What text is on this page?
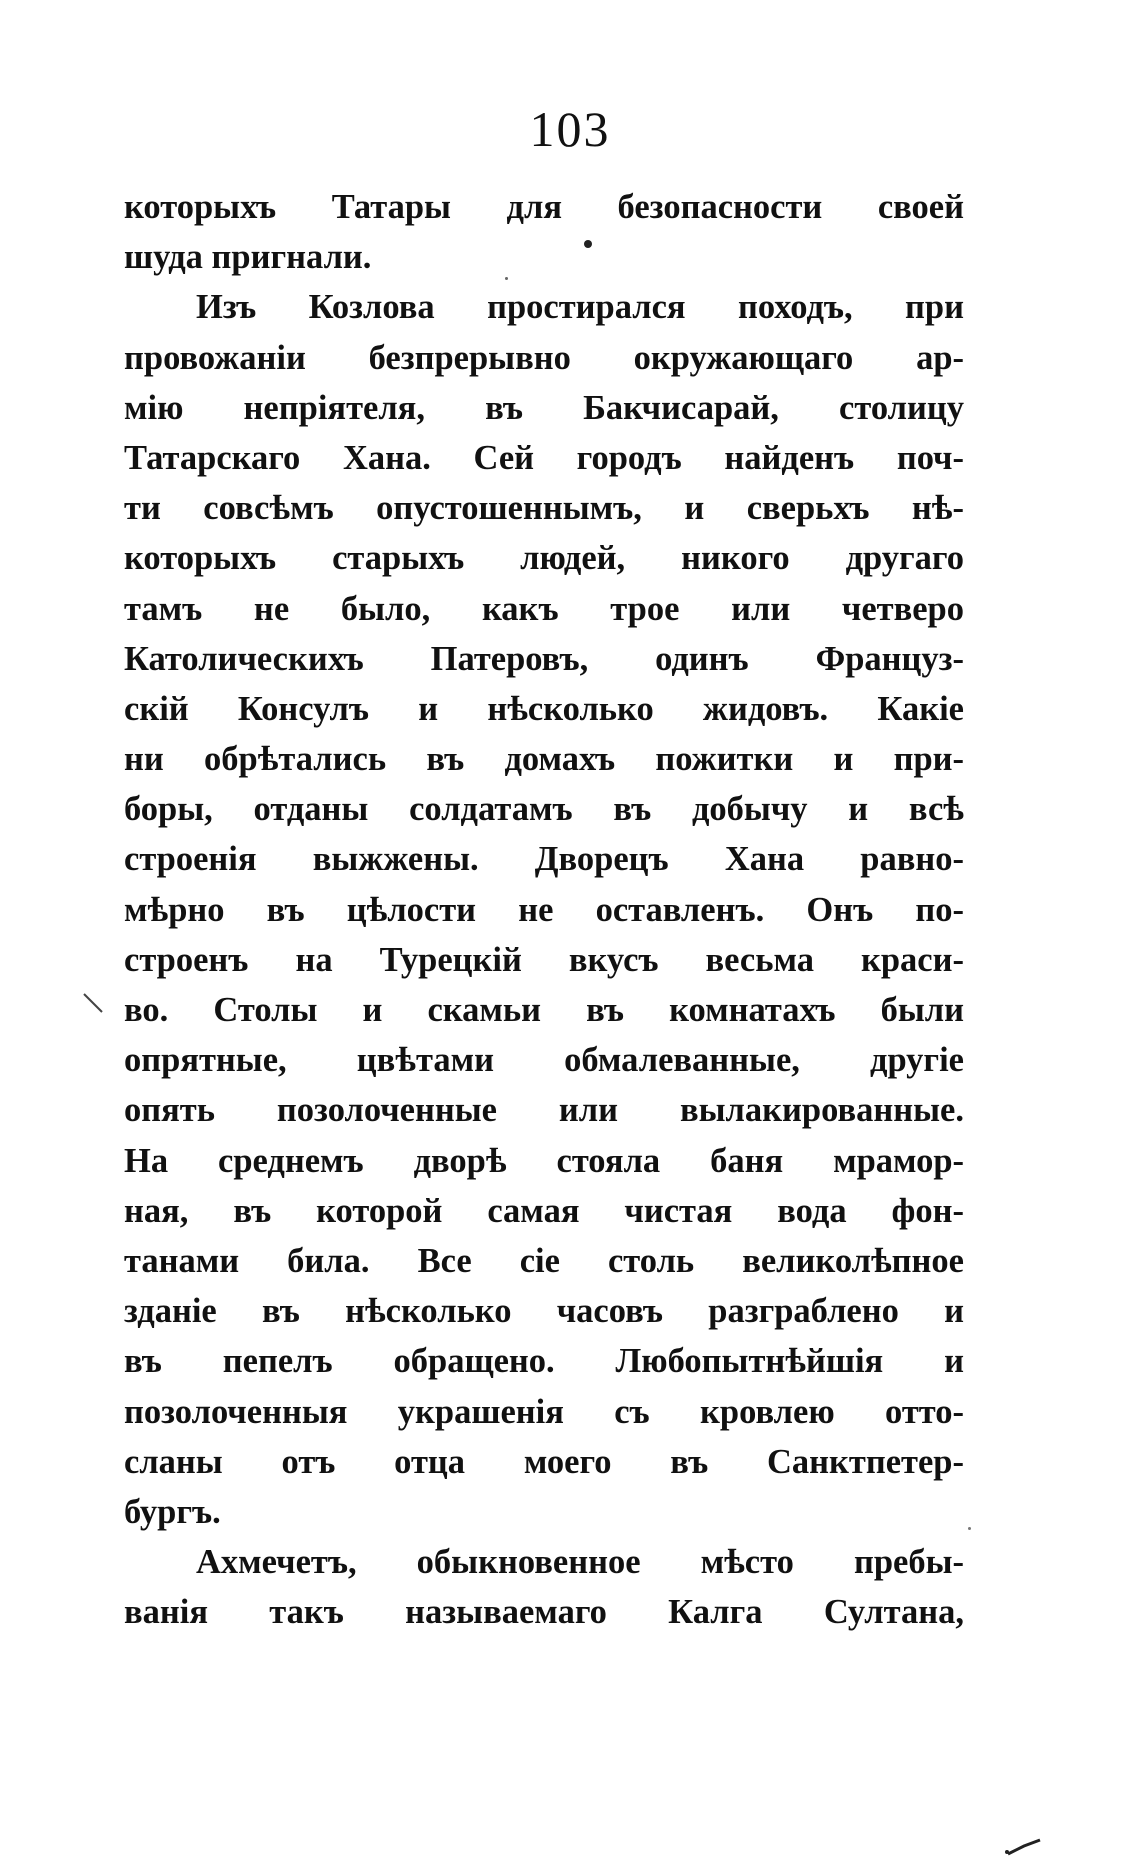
103
которыхъ Татары для безопасности своей
шуда пригнали.
Изъ Козлова простирался походъ, при
провожанiи безпрерывно окружающаго ар-
мiю непрiятеля, въ Бакчисарай, столицу
Татарскаго Хана. Сей городъ найденъ поч-
ти совсѣмъ опустошеннымъ, и сверьхъ нѣ-
которыхъ старыхъ людей, никого другаго
тамъ не было, какъ трое или четверо
Католическихъ Патеровъ, одинъ Француз-
скiй Консулъ и нѣсколько жидовъ. Какiе
ни обрѣтались въ домахъ пожитки и при-
боры, отданы солдатамъ въ добычу и всѣ
строенiя выжжены. Дворецъ Хана равно-
мѣрно въ цѣлости не оставленъ. Онъ по-
строенъ на Турецкiй вкусъ весьма краси-
во. Столы и скамьи въ комнатахъ были
опрятные, цвѣтами обмалеванные, другiе
опять позолоченные или вылакированные.
На среднемъ дворѣ стояла баня мрамор-
ная, въ которой самая чистая вода фон-
танами била. Все сiе столь великолѣпное
зданiе въ нѣсколько часовъ разграблено и
въ пепелъ обращено. Любопытнѣйшiя и
позолоченныя украшенiя съ кровлею отто-
сланы отъ отца моего въ Санктпетер-
бургъ.
Ахмечетъ, обыкновенное мѣсто пребы-
ванiя такъ называемаго Калга Султана,
